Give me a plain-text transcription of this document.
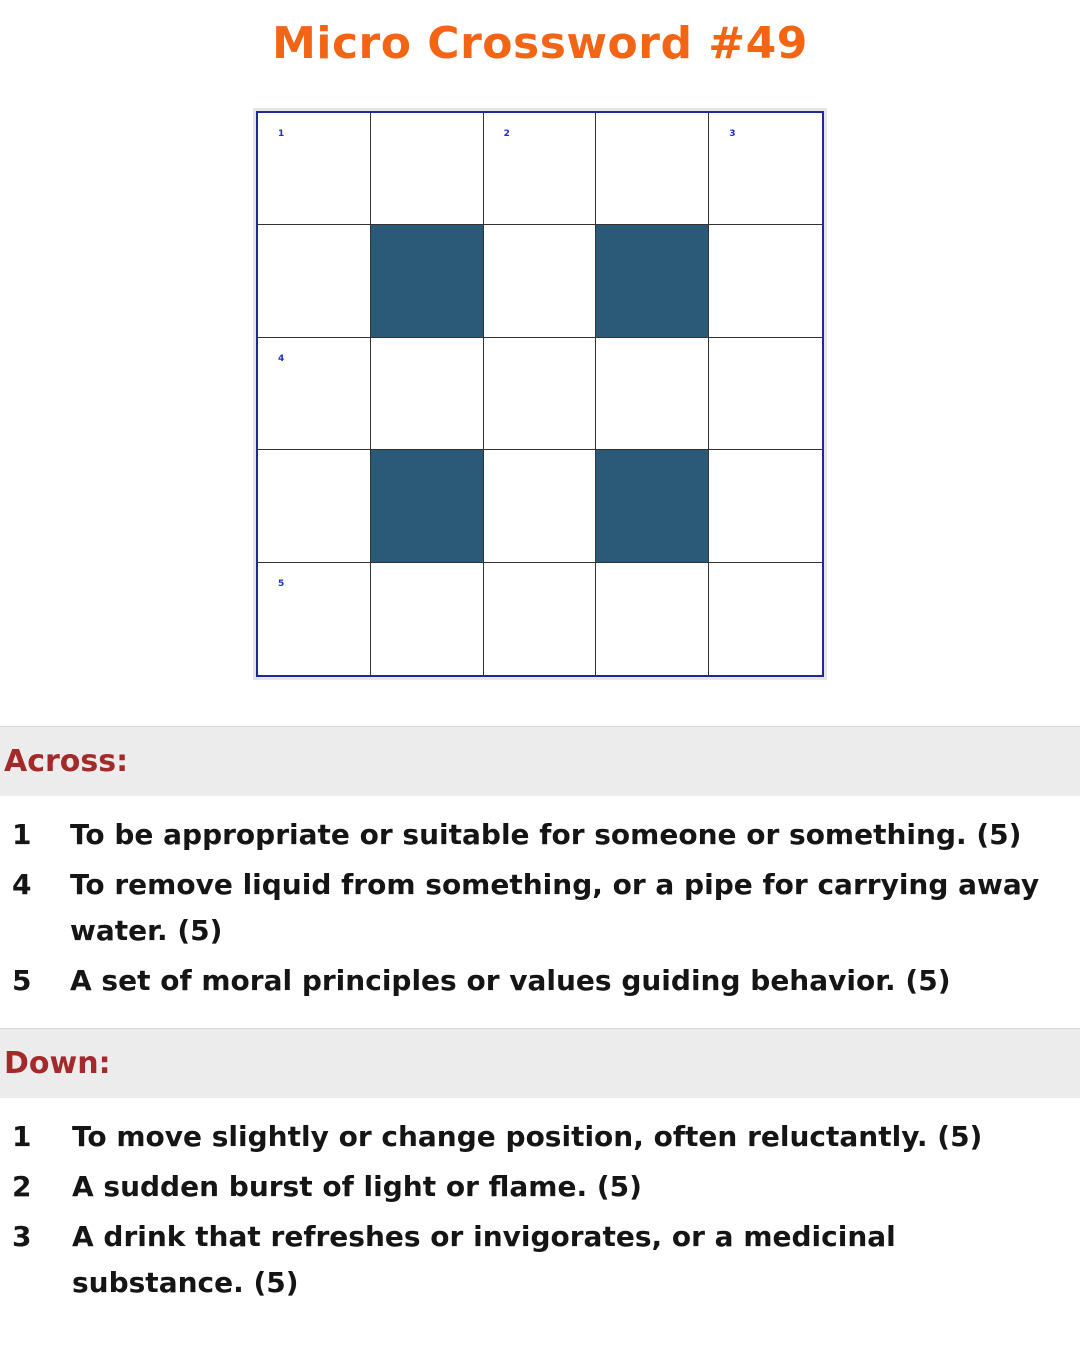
Micro Crossword #49
1	2	3
4
5
Across:
1	To be appropriate or suitable for someone or something. (5)
4	To remove liquid from something, or a pipe for carrying away water. (5)
5	A set of moral principles or values guiding behavior. (5)
Down:
1	To move slightly or change position, often reluctantly. (5)
2	A sudden burst of light or flame. (5)
3	A drink that refreshes or invigorates, or a medicinal substance. (5)
